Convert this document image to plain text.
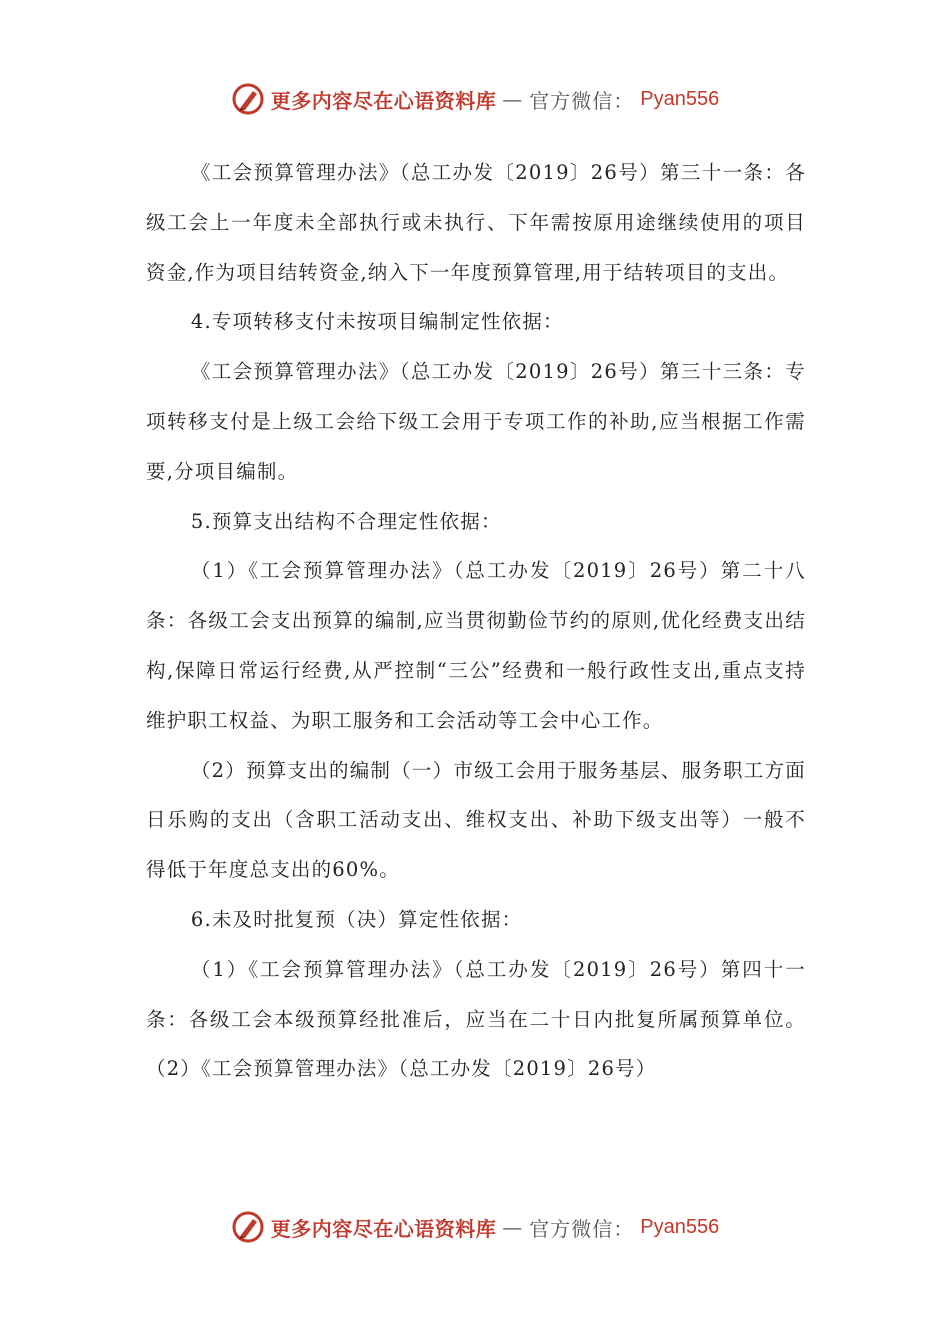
更多内容尽在心语资料库 — 官方微信： Pyan556

《工会预算管理办法》（总工办发〔2019〕26号）第三十一条：各级工会上一年度未全部执行或未执行、下年需按原用途继续使用的项目资金,作为项目结转资金,纳入下一年度预算管理,用于结转项目的支出。

4.专项转移支付未按项目编制定性依据：

《工会预算管理办法》（总工办发〔2019〕26号）第三十三条：专项转移支付是上级工会给下级工会用于专项工作的补助,应当根据工作需要,分项目编制。

5.预算支出结构不合理定性依据：

（1）《工会预算管理办法》（总工办发〔2019〕26号）第二十八条：各级工会支出预算的编制,应当贯彻勤俭节约的原则,优化经费支出结构,保障日常运行经费,从严控制“三公”经费和一般行政性支出,重点支持维护职工权益、为职工服务和工会活动等工会中心工作。

（2）预算支出的编制（一）市级工会用于服务基层、服务职工方面日乐购的支出（含职工活动支出、维权支出、补助下级支出等）一般不得低于年度总支出的60%。

6.未及时批复预（决）算定性依据：

（1）《工会预算管理办法》（总工办发〔2019〕26号）第四十一条：各级工会本级预算经批准后，应当在二十日内批复所属预算单位。（2）《工会预算管理办法》（总工办发〔2019〕26号）

更多内容尽在心语资料库 — 官方微信： Pyan556
